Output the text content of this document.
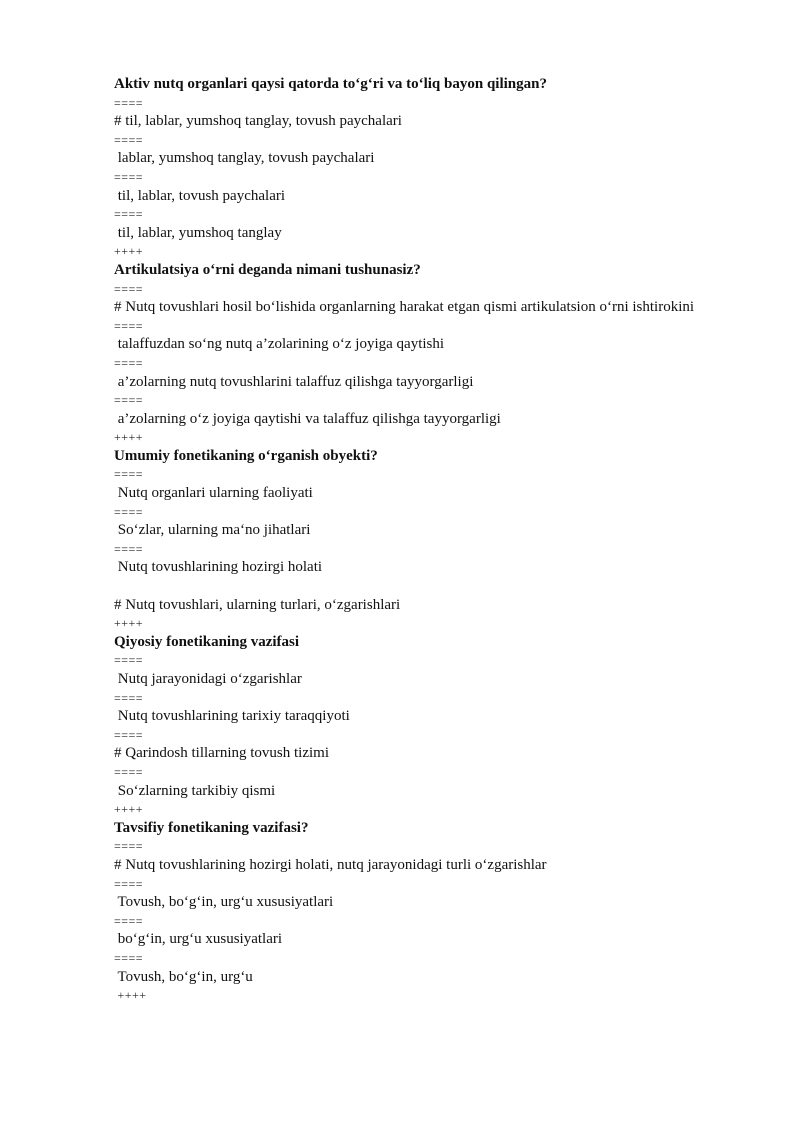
Aktiv nutq organlari qaysi qatorda to‘g‘ri va to‘liq bayon qilingan?

====

# til, lablar, yumshoq tanglay, tovush paychalari

====

lablar, yumshoq tanglay, tovush paychalari

====

til, lablar, tovush paychalari

====

til, lablar, yumshoq tanglay

++++

Artikulatsiya o‘rni deganda nimani tushunasiz?

====

# Nutq tovushlari hosil bo‘lishida organlarning harakat etgan qismi artikulatsion o‘rni ishtirokini

====

talaffuzdan so‘ng nutq a’zolarining o‘z joyiga qaytishi

====

a’zolarning nutq tovushlarini talaffuz qilishga tayyorgarligi

====

a’zolarning o‘z joyiga qaytishi va talaffuz qilishga tayyorgarligi

++++

Umumiy fonetikaning o‘rganish obyekti?

====

Nutq organlari ularning faoliyati

====

So‘zlar, ularning ma‘no jihatlari

====

Nutq tovushlarining hozirgi holati

# Nutq tovushlari, ularning turlari, o‘zgarishlari

++++

Qiyosiy fonetikaning vazifasi

====

Nutq jarayonidagi o‘zgarishlar

====

Nutq tovushlarining tarixiy taraqqiyoti

====

# Qarindosh tillarning tovush tizimi

====

So‘zlarning tarkibiy qismi

++++

Tavsifiy fonetikaning vazifasi?

====

# Nutq tovushlarining hozirgi holati, nutq jarayonidagi turli o‘zgarishlar

====

Tovush, bo‘g‘in, urg‘u xususiyatlari

====

bo‘g‘in, urg‘u xususiyatlari

====

Tovush, bo‘g‘in, urg‘u

++++
